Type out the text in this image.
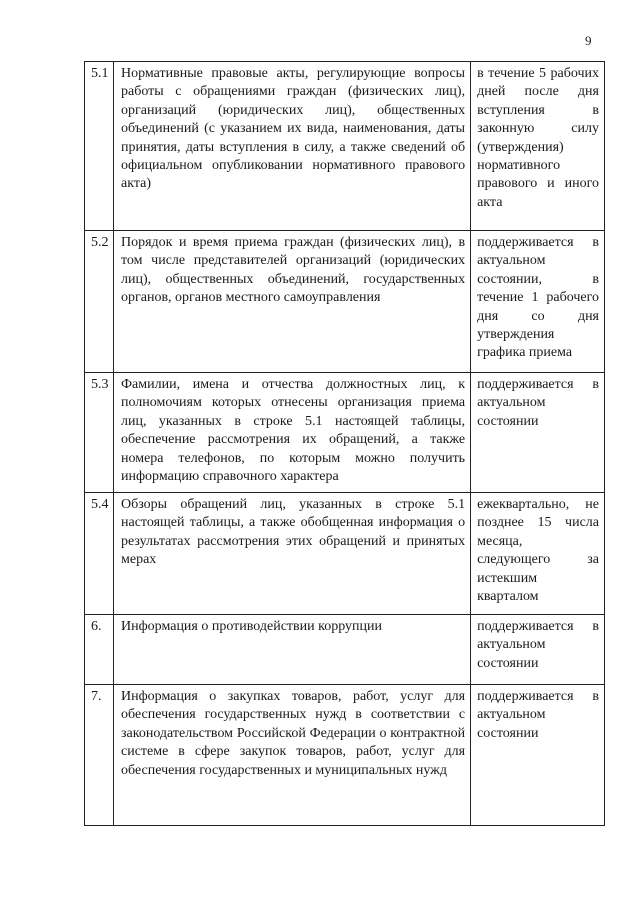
9
5.1	Нормативные правовые акты, регулирующие вопросы работы с обращениями граждан (физических лиц), организаций (юридических лиц), общественных объединений (с указанием их вида, наименования, даты принятия, даты вступления в силу, а также сведений об официальном опубликовании нормативного правового акта)	в течение 5 рабочих дней после дня вступления в законную силу (утверждения) нормативного правового и иного акта
5.2	Порядок и время приема граждан (физических лиц), в том числе представителей организаций (юридических лиц), общественных объединений, государственных органов, органов местного самоуправления	поддерживается в актуальном состоянии, в течение 1 рабочего дня со дня утверждения графика приема
5.3	Фамилии, имена и отчества должностных лиц, к полномочиям которых отнесены организация приема лиц, указанных в строке 5.1 настоящей таблицы, обеспечение рассмотрения их обращений, а также номера телефонов, по которым можно получить информацию справочного характера	поддерживается в актуальном состоянии
5.4	Обзоры обращений лиц, указанных в строке 5.1 настоящей таблицы, а также обобщенная информация о результатах рассмотрения этих обращений и принятых мерах	ежеквартально, не позднее 15 числа месяца, следующего за истекшим кварталом
6.	Информация о противодействии коррупции	поддерживается в актуальном состоянии
7.	Информация о закупках товаров, работ, услуг для обеспечения государственных нужд в соответствии с законодательством Российской Федерации о контрактной системе в сфере закупок товаров, работ, услуг для обеспечения государственных и муниципальных нужд	поддерживается в актуальном состоянии
